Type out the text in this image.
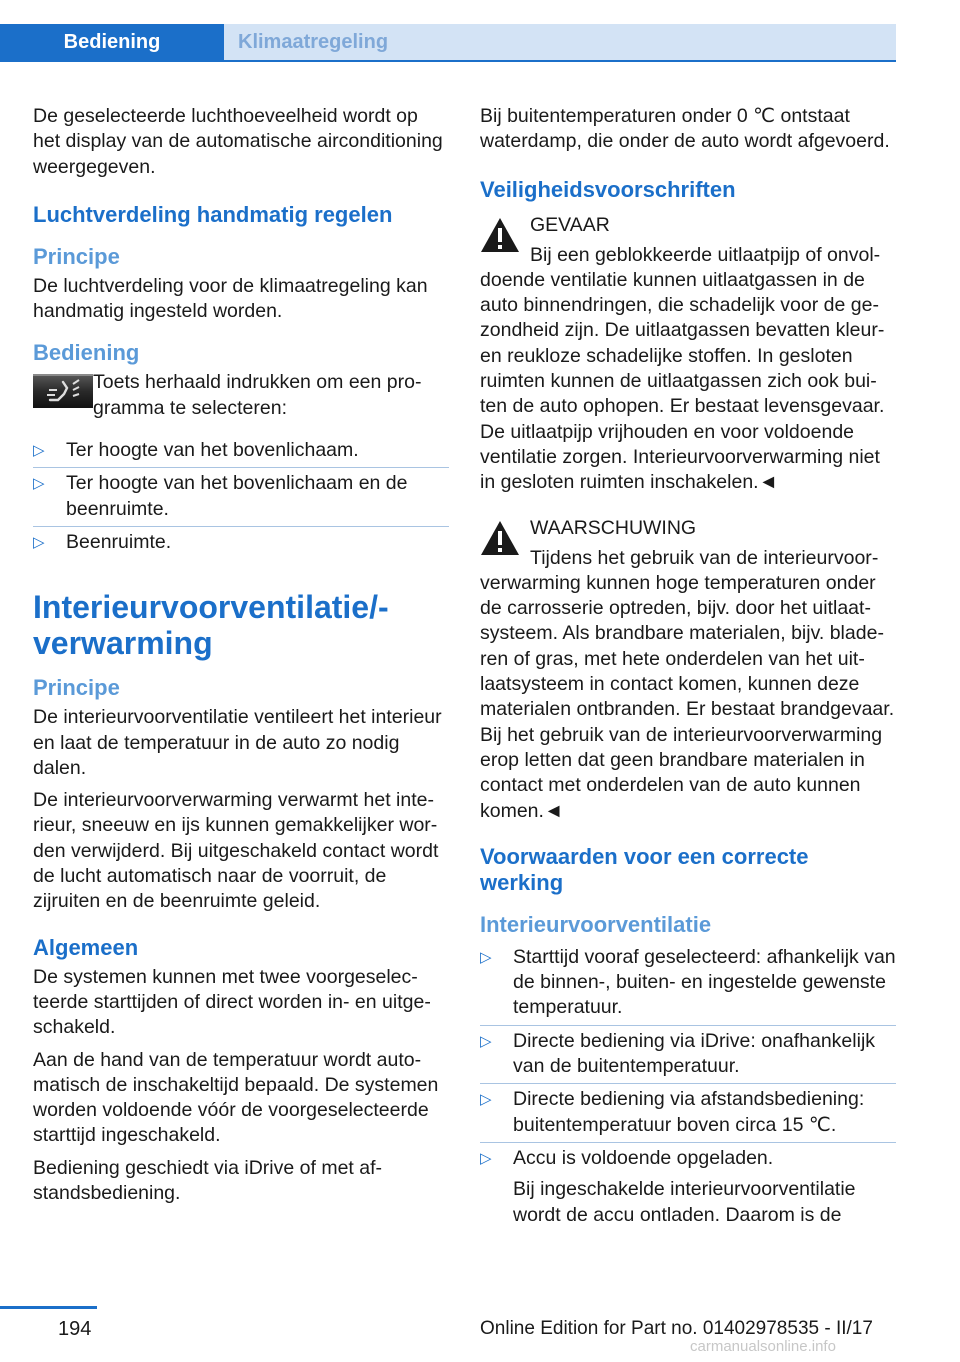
Bediening	Klimaatregeling

De geselecteerde luchthoeveelheid wordt op het display van de automatische airconditioning weergegeven.

Luchtverdeling handmatig regelen
Principe

De luchtverdeling voor de klimaatregeling kan handmatig ingesteld worden.

Bediening
Toets herhaald indrukken om een programma te selecteren:
▷	Ter hoogte van het bovenlichaam.
▷	Ter hoogte van het bovenlichaam en de beenruimte.
▷	Beenruimte.
Interieurvoorventilatie/-verwarming
Principe

De interieurvoorventilatie ventileert het interieur en laat de temperatuur in de auto zo nodig dalen.

De interieurvoorverwarming verwarmt het interieur, sneeuw en ijs kunnen gemakkelijker worden verwijderd. Bij uitgeschakeld contact wordt de lucht automatisch naar de voorruit, de zijruiten en de beenruimte geleid.

Algemeen

De systemen kunnen met twee voorgeselecteerde starttijden of direct worden in- en uitgeschakeld.

Aan de hand van de temperatuur wordt automatisch de inschakeltijd bepaald. De systemen worden voldoende vóór de voorgeselecteerde starttijd ingeschakeld.

Bediening geschiedt via iDrive of met afstandsbediening.

Bij buitentemperaturen onder 0 ℃ ontstaat waterdamp, die onder de auto wordt afgevoerd.

Veiligheidsvoorschriften
GEVAAR
Bij een geblokkeerde uitlaatpijp of onvoldoende ventilatie kunnen uitlaatgassen in de auto binnendringen, die schadelijk voor de gezondheid zijn. De uitlaatgassen bevatten kleur- en reukloze schadelijke stoffen. In gesloten ruimten kunnen de uitlaatgassen zich ook buiten de auto ophopen. Er bestaat levensgevaar. De uitlaatpijp vrijhouden en voor voldoende ventilatie zorgen. Interieurvoorverwarming niet in gesloten ruimten inschakelen.◄
WAARSCHUWING
Tijdens het gebruik van de interieurvoorverwarming kunnen hoge temperaturen onder de carrosserie optreden, bijv. door het uitlaatsysteem. Als brandbare materialen, bijv. bladeren of gras, met hete onderdelen van het uitlaatsysteem in contact komen, kunnen deze materialen ontbranden. Er bestaat brandgevaar. Bij het gebruik van de interieurvoorverwarming erop letten dat geen brandbare materialen in contact met onderdelen van de auto kunnen komen.◄
Voorwaarden voor een correcte werking
Interieurvoorventilatie
▷	Starttijd vooraf geselecteerd: afhankelijk van de binnen-, buiten- en ingestelde gewenste temperatuur.
▷	Directe bediening via iDrive: onafhankelijk van de buitentemperatuur.
▷	Directe bediening via afstandsbediening: buitentemperatuur boven circa 15 ℃.
▷	Accu is voldoende opgeladen.

Bij ingeschakelde interieurvoorventilatie wordt de accu ontladen. Daarom is de
194	Online Edition for Part no. 01402978535 - II/17
carmanualsonline.info
